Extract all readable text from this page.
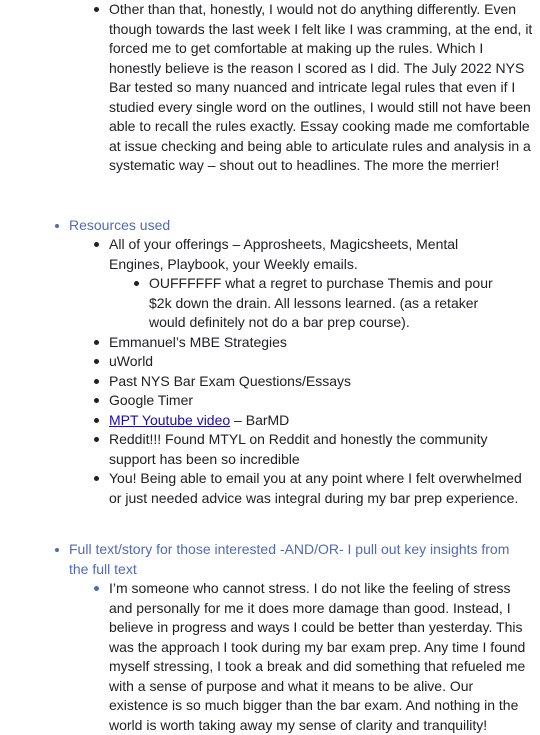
Other than that, honestly, I would not do anything differently. Even though towards the last week I felt like I was cramming, at the end, it forced me to get comfortable at making up the rules. Which I honestly believe is the reason I scored as I did. The July 2022 NYS Bar tested so many nuanced and intricate legal rules that even if I studied every single word on the outlines, I would still not have been able to recall the rules exactly. Essay cooking made me comfortable at issue checking and being able to articulate rules and analysis in a systematic way – shout out to headlines. The more the merrier!
Resources used
All of your offerings – Approsheets, Magicsheets, Mental Engines, Playbook, your Weekly emails.
OUFFFFFF what a regret to purchase Themis and pour $2k down the drain. All lessons learned. (as a retaker would definitely not do a bar prep course).
Emmanuel’s MBE Strategies
uWorld
Past NYS Bar Exam Questions/Essays
Google Timer
MPT Youtube video – BarMD
Reddit!!! Found MTYL on Reddit and honestly the community support has been so incredible
You! Being able to email you at any point where I felt overwhelmed or just needed advice was integral during my bar prep experience.
Full text/story for those interested -AND/OR- I pull out key insights from the full text
I’m someone who cannot stress. I do not like the feeling of stress and personally for me it does more damage than good. Instead, I believe in progress and ways I could be better than yesterday. This was the approach I took during my bar exam prep. Any time I found myself stressing, I took a break and did something that refueled me with a sense of purpose and what it means to be alive. Our existence is so much bigger than the bar exam. And nothing in the world is worth taking away my sense of clarity and tranquility!
